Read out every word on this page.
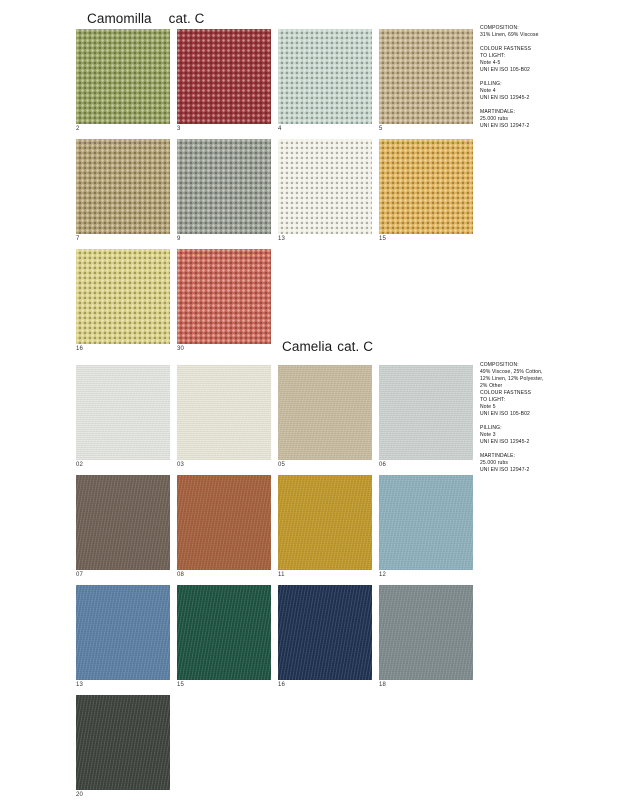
Camomilla cat. C
2	3	4	5
7	9	13	15
16	30

COMPOSITION:
31% Linen, 69% Viscose

COLOUR FASTNESS
TO LIGHT:
Note 4-5
UNI EN ISO 105-B02

PILLING:
Note 4
UNI EN ISO 12945-2

MARTINDALE:
25.000 rubs
UNI EN ISO 12947-2

Camelia cat. C
02	03	05	06
07	08	11	12
13	15	16	18
20

COMPOSITION:
49% Viscose, 25% Cotton,
12% Linen, 12% Polyester,
2% Other
COLOUR FASTNESS
TO LIGHT:
Note 5
UNI EN ISO 105-B02

PILLING:
Note 3
UNI EN ISO 12945-2

MARTINDALE:
25.000 rubs
UNI EN ISO 12947-2
